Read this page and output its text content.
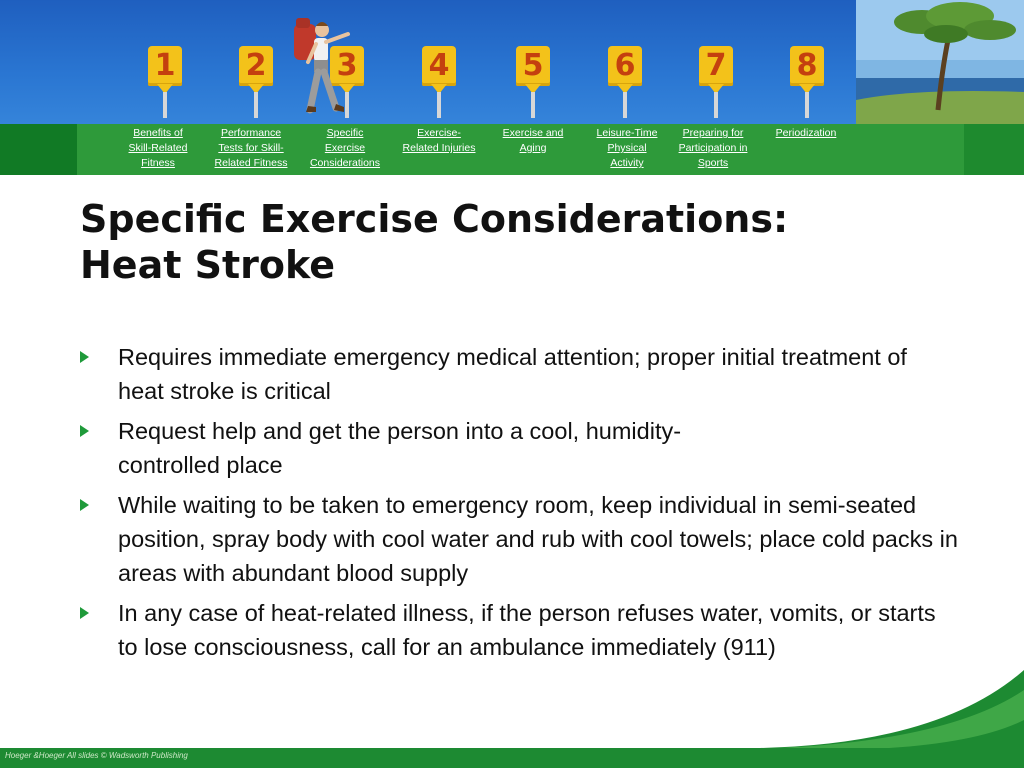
1 2 3 4 5 6 7 8
Benefits of
Skill-Related
Fitness
Performance
Tests for Skill-
Related Fitness
Specific
Exercise
Considerations
Exercise-
Related Injuries
Exercise and
Aging
Leisure-Time
Physical
Activity
Preparing for
Participation in
Sports
Periodization
Specific Exercise Considerations:
Heat Stroke
Requires immediate emergency medical attention; proper initial treatment of heat stroke is critical
Request help and get the person into a cool, humidity-controlled place
While waiting to be taken to emergency room, keep individual in semi-seated position, spray body with cool water and rub with cool towels; place cold packs in areas with abundant blood supply
In any case of heat-related illness, if the person refuses water, vomits, or starts to lose consciousness, call for an ambulance immediately (911)
Hoeger &Hoeger All slides © Wadsworth Publishing
